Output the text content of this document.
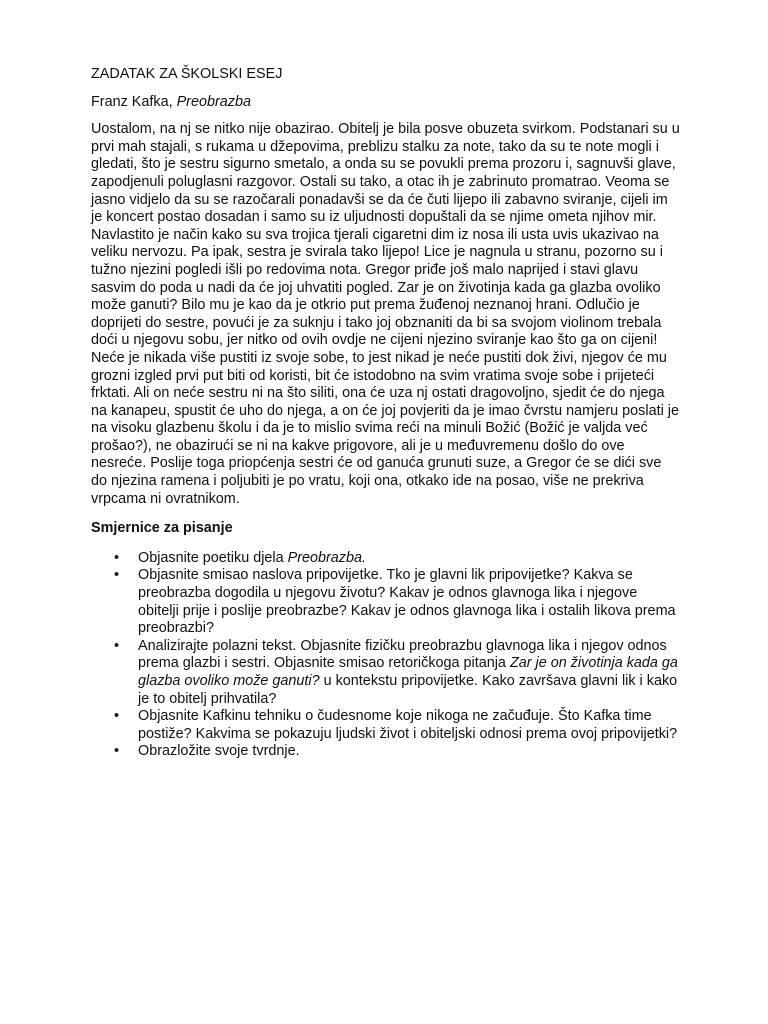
ZADATAK ZA ŠKOLSKI ESEJ

Franz Kafka, Preobrazba

Uostalom, na nj se nitko nije obazirao. Obitelj je bila posve obuzeta svirkom. Podstanari su u prvi mah stajali, s rukama u džepovima, preblizu stalku za note, tako da su te note mogli i gledati, što je sestru sigurno smetalo, a onda su se povukli prema prozoru i, sagnuvši glave, zapodjenuli poluglasni razgovor. Ostali su tako, a otac ih je zabrinuto promatrao. Veoma se jasno vidjelo da su se razočarali ponadavši se da će čuti lijepo ili zabavno sviranje, cijeli im je koncert postao dosadan i samo su iz uljudnosti dopuštali da se njime ometa njihov mir. Navlastito je način kako su sva trojica tjerali cigaretni dim iz nosa ili usta uvis ukazivao na veliku nervozu. Pa ipak, sestra je svirala tako lijepo! Lice je nagnula u stranu, pozorno su i tužno njezini pogledi išli po redovima nota. Gregor priđe još malo naprijed i stavi glavu sasvim do poda u nadi da će joj uhvatiti pogled. Zar je on životinja kada ga glazba ovoliko može ganuti? Bilo mu je kao da je otkrio put prema žuđenoj neznanoj hrani. Odlučio je doprijeti do sestre, povući je za suknju i tako joj obznaniti da bi sa svojom violinom trebala doći u njegovu sobu, jer nitko od ovih ovdje ne cijeni njezino sviranje kao što ga on cijeni! Neće je nikada više pustiti iz svoje sobe, to jest nikad je neće pustiti dok živi, njegov će mu grozni izgled prvi put biti od koristi, bit će istodobno na svim vratima svoje sobe i prijeteći frktati. Ali on neće sestru ni na što siliti, ona će uza nj ostati dragovoljno, sjedit će do njega na kanapeu, spustit će uho do njega, a on će joj povjeriti da je imao čvrstu namjeru poslati je na visoku glazbenu školu i da je to mislio svima reći na minuli Božić (Božić je valjda već prošao?), ne obazirući se ni na kakve prigovore, ali je u međuvremenu došlo do ove nesreće. Poslije toga priopćenja sestri će od ganuća grunuti suze, a Gregor će se dići sve do njezina ramena i poljubiti je po vratu, koji ona, otkako ide na posao, više ne prekriva vrpcama ni ovratnikom.

Smjernice za pisanje

• Objasnite poetiku djela Preobrazba.
• Objasnite smisao naslova pripovijetke. Tko je glavni lik pripovijetke? Kakva se preobrazba dogodila u njegovu životu? Kakav je odnos glavnoga lika i njegove obitelji prije i poslije preobrazbe? Kakav je odnos glavnoga lika i ostalih likova prema preobrazbi?
• Analizirajte polazni tekst. Objasnite fizičku preobrazbu glavnoga lika i njegov odnos prema glazbi i sestri. Objasnite smisao retoričkoga pitanja Zar je on životinja kada ga glazba ovoliko može ganuti? u kontekstu pripovijetke. Kako završava glavni lik i kako je to obitelj prihvatila?
• Objasnite Kafkinu tehniku o čudesnome koje nikoga ne začuđuje. Što Kafka time postiže? Kakvima se pokazuju ljudski život i obiteljski odnosi prema ovoj pripovijetki?
• Obrazložite svoje tvrdnje.
